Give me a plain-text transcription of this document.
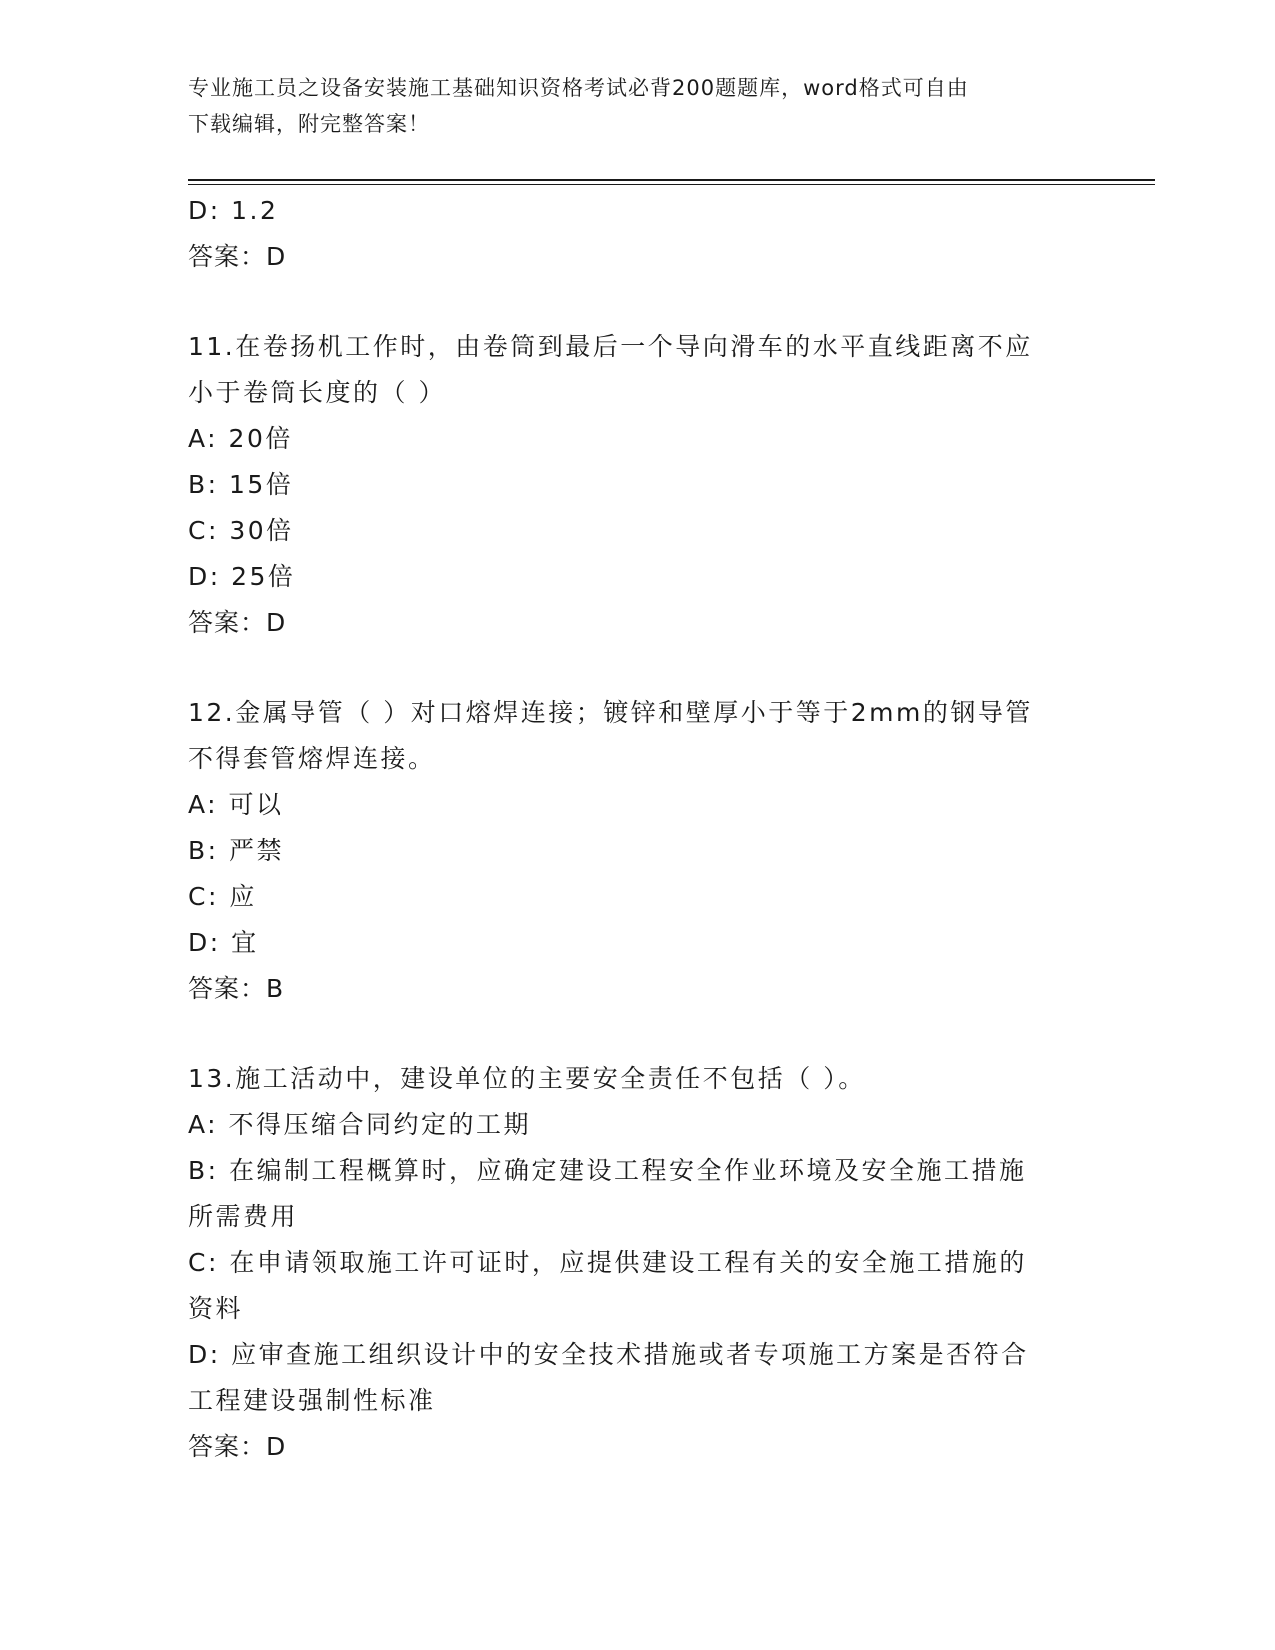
专业施工员之设备安装施工基础知识资格考试必背200题题库，word格式可自由
下载编辑，附完整答案！
D: 1.2
答案：D
11.在卷扬机工作时，由卷筒到最后一个导向滑车的水平直线距离不应
小于卷筒长度的（ ）
A: 20倍
B: 15倍
C: 30倍
D: 25倍
答案：D
12.金属导管（ ）对口熔焊连接；镀锌和壁厚小于等于2mm的钢导管
不得套管熔焊连接。
A: 可以
B: 严禁
C: 应
D: 宜
答案：B
13.施工活动中，建设单位的主要安全责任不包括（ ）。
A: 不得压缩合同约定的工期
B: 在编制工程概算时，应确定建设工程安全作业环境及安全施工措施
所需费用
C: 在申请领取施工许可证时，应提供建设工程有关的安全施工措施的
资料
D: 应审查施工组织设计中的安全技术措施或者专项施工方案是否符合
工程建设强制性标准
答案：D
